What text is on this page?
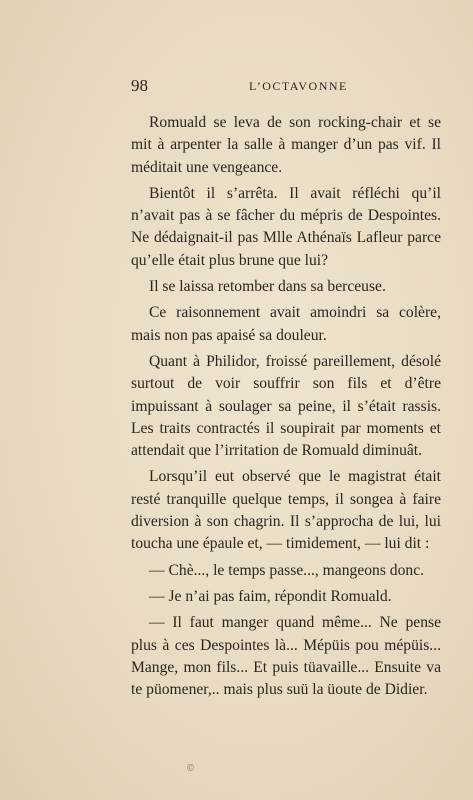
98	L’OCTAVONNE

Romuald se leva de son rocking-chair et se mit à arpenter la salle à manger d’un pas vif. Il méditait une vengeance.

Bientôt il s’arrêta. Il avait réfléchi qu’il n’avait pas à se fâcher du mépris de Despointes. Ne dédaignait-il pas Mlle Athénaïs Lafleur parce qu’elle était plus brune que lui?

Il se laissa retomber dans sa berceuse.

Ce raisonnement avait amoindri sa colère, mais non pas apaisé sa douleur.

Quant à Philidor, froissé pareillement, désolé surtout de voir souffrir son fils et d’être impuissant à soulager sa peine, il s’était rassis. Les traits contractés il soupirait par moments et attendait que l’irritation de Romuald diminuât.

Lorsqu’il eut observé que le magistrat était resté tranquille quelque temps, il songea à faire diversion à son chagrin. Il s’approcha de lui, lui toucha une épaule et, — timidement, — lui dit :

— Chè..., le temps passe..., mangeons donc.

— Je n’ai pas faim, répondit Romuald.

— Il faut manger quand même... Ne pense plus à ces Despointes là... Mépüis pou mépüis... Mange, mon fils... Et puis tüavaille... Ensuite va te püomener,.. mais plus suü la üoute de Didier.

©
